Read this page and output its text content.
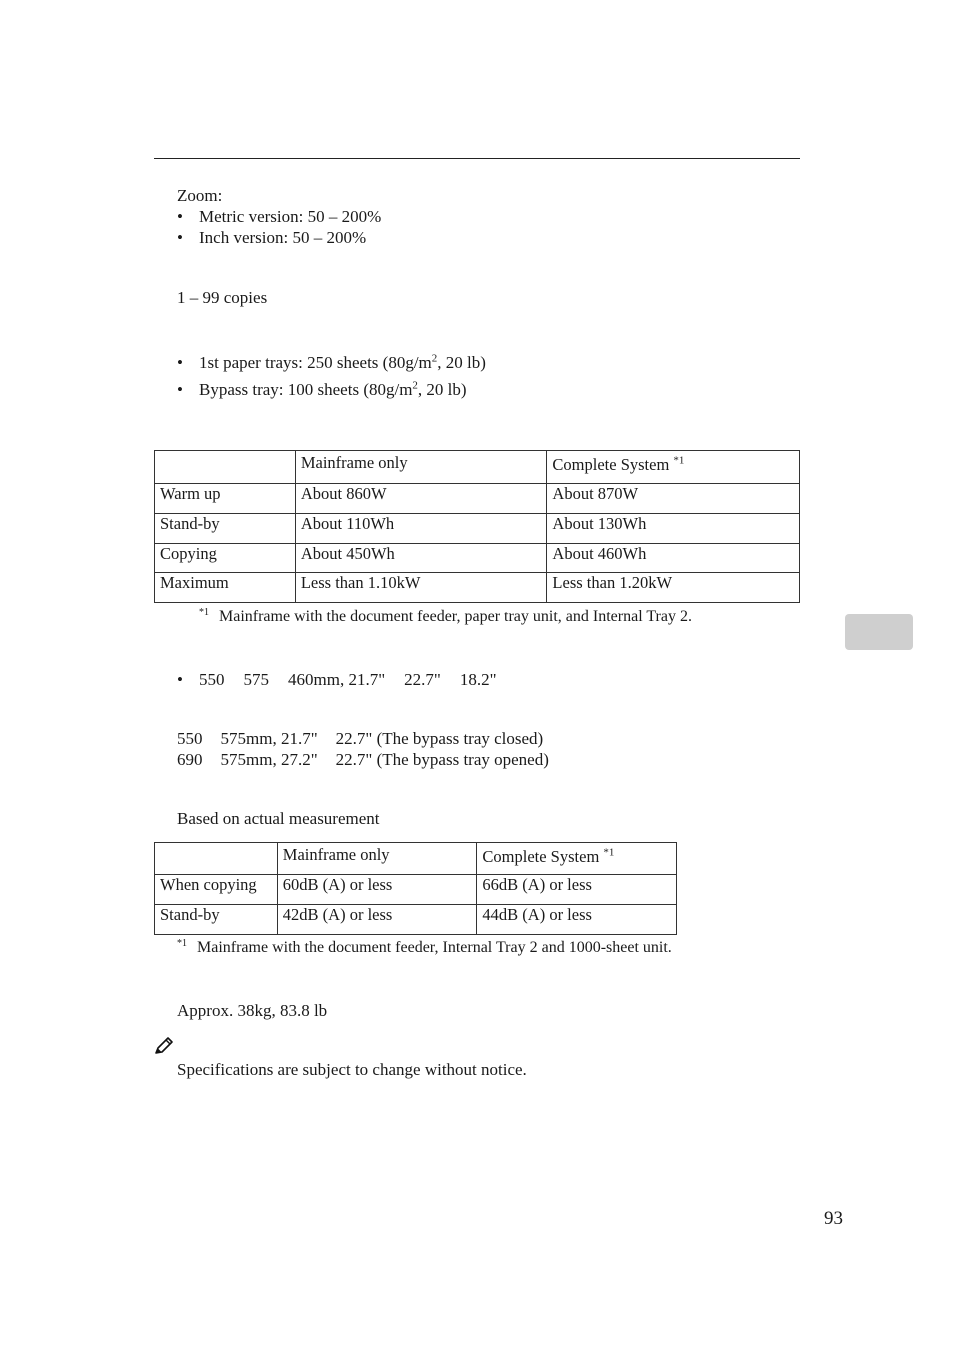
Zoom:
• Metric version: 50 – 200%
• Inch version: 50 – 200%
1 – 99 copies
• 1st paper trays: 250 sheets ($80g/m^2$, 20 lb)
• Bypass tray: 100 sheets ($80g/m^2$, 20 lb)
	Mainframe only	Complete System $^{*1}$
Warm up	About 860W	About 870W
Stand-by	About 110Wh	About 130Wh
Copying	About 450Wh	About 460Wh
Maximum	Less than 1.10kW	Less than 1.20kW
$^{*1}$ Mainframe with the document feeder, paper tray unit, and Internal Tray 2.
• 550 575 460mm, 21.7" 22.7" 18.2"
550 575mm, 21.7" 22.7" (The bypass tray closed)
690 575mm, 27.2" 22.7" (The bypass tray opened)
Based on actual measurement
	Mainframe only	Complete System $^{*1}$
When copying	60dB (A) or less	66dB (A) or less
Stand-by	42dB (A) or less	44dB (A) or less
$^{*1}$ Mainframe with the document feeder, Internal Tray 2 and 1000-sheet unit.
Approx. 38kg, 83.8 lb
Specifications are subject to change without notice.
93
